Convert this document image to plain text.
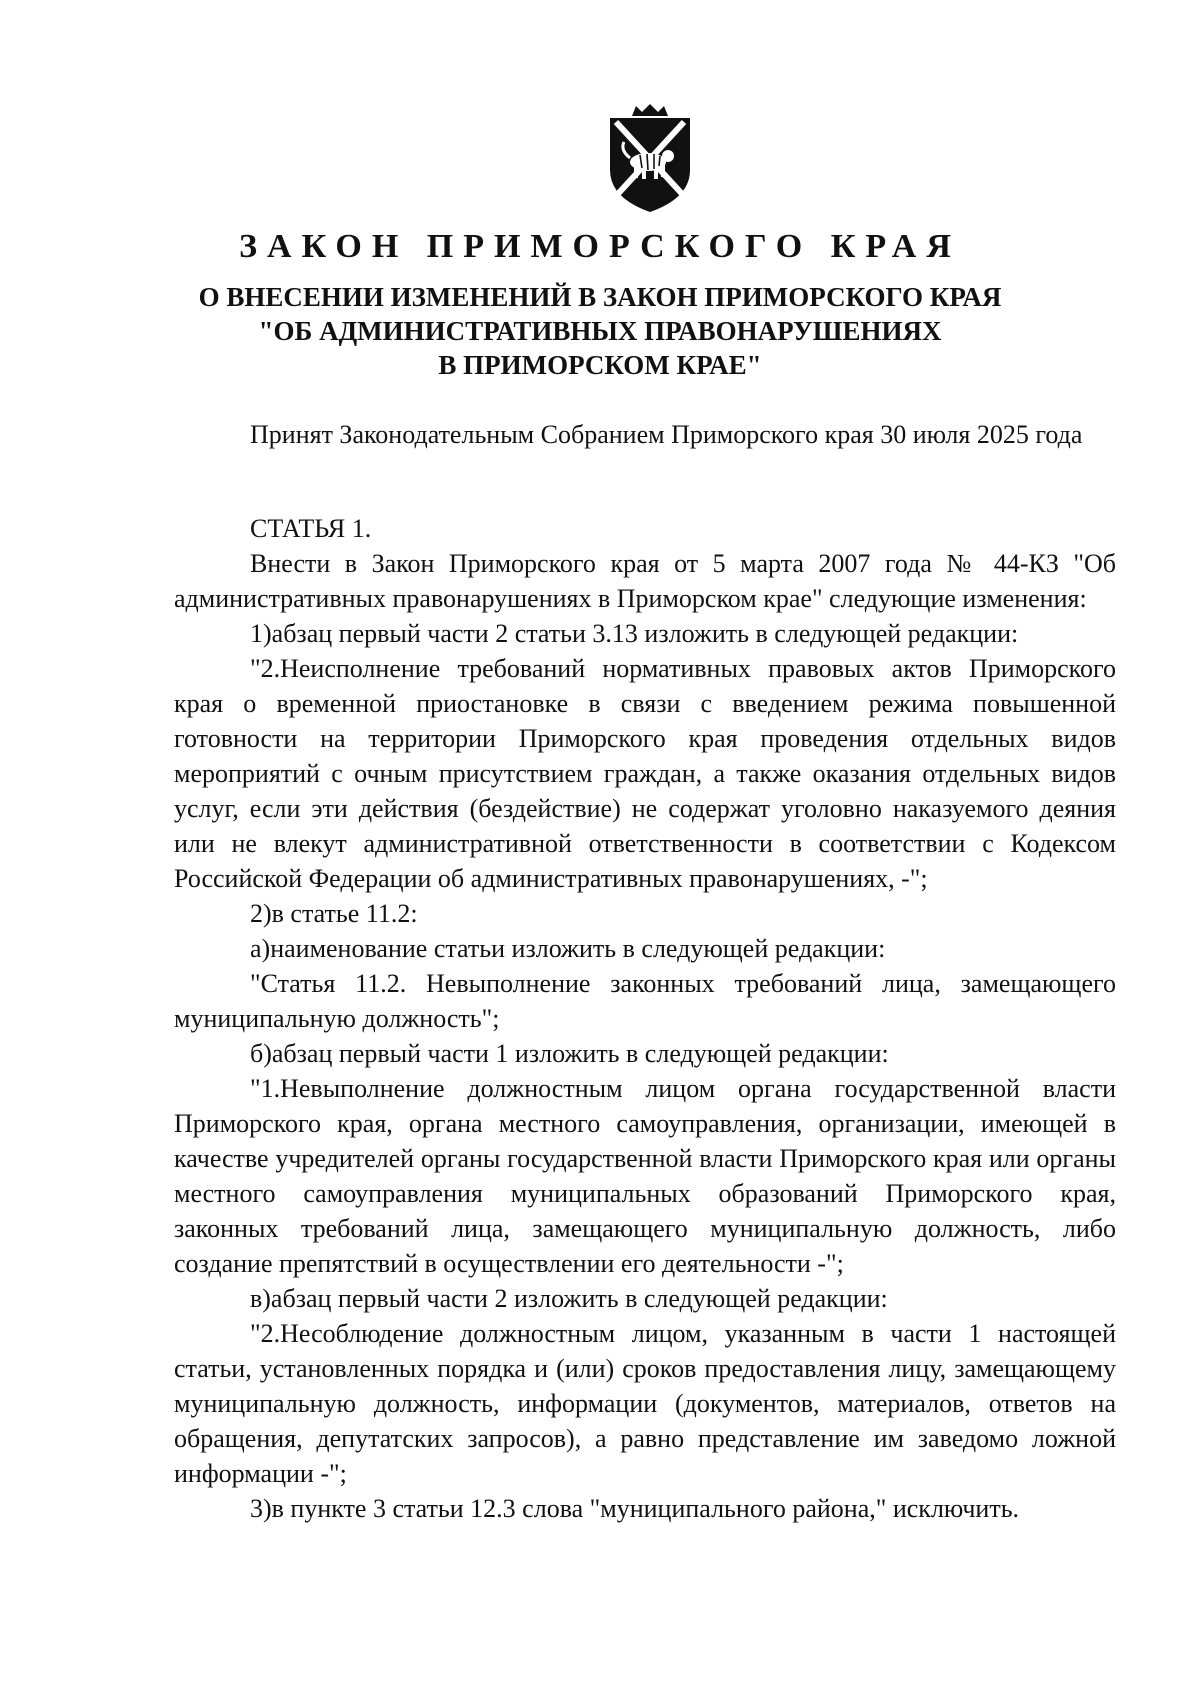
ЗАКОН ПРИМОРСКОГО КРАЯ
О ВНЕСЕНИИ ИЗМЕНЕНИЙ В ЗАКОН ПРИМОРСКОГО КРАЯ
"ОБ АДМИНИСТРАТИВНЫХ ПРАВОНАРУШЕНИЯХ
В ПРИМОРСКОМ КРАЕ"

Принят Законодательным Собранием Приморского края 30 июля 2025 года

СТАТЬЯ 1.

Внести в Закон Приморского края от 5 марта 2007 года № 44-КЗ "Об административных правонарушениях в Приморском крае" следующие изменения:

1)абзац первый части 2 статьи 3.13 изложить в следующей редакции:

"2.Неисполнение требований нормативных правовых актов Приморского края о временной приостановке в связи с введением режима повышенной готовности на территории Приморского края проведения отдельных видов мероприятий с очным присутствием граждан, а также оказания отдельных видов услуг, если эти действия (бездействие) не содержат уголовно наказуемого деяния или не влекут административной ответственности в соответствии с Кодексом Российской Федерации об административных правонарушениях, -";

2)в статье 11.2:

а)наименование статьи изложить в следующей редакции:

"Статья 11.2. Невыполнение законных требований лица, замещающего муниципальную должность";

б)абзац первый части 1 изложить в следующей редакции:

"1.Невыполнение должностным лицом органа государственной власти Приморского края, органа местного самоуправления, организации, имеющей в качестве учредителей органы государственной власти Приморского края или органы местного самоуправления муниципальных образований Приморского края, законных требований лица, замещающего муниципальную должность, либо создание препятствий в осуществлении его деятельности -";

в)абзац первый части 2 изложить в следующей редакции:

"2.Несоблюдение должностным лицом, указанным в части 1 настоящей статьи, установленных порядка и (или) сроков предоставления лицу, замещающему муниципальную должность, информации (документов, материалов, ответов на обращения, депутатских запросов), а равно представление им заведомо ложной информации -";

3)в пункте 3 статьи 12.3 слова "муниципального района," исключить.
